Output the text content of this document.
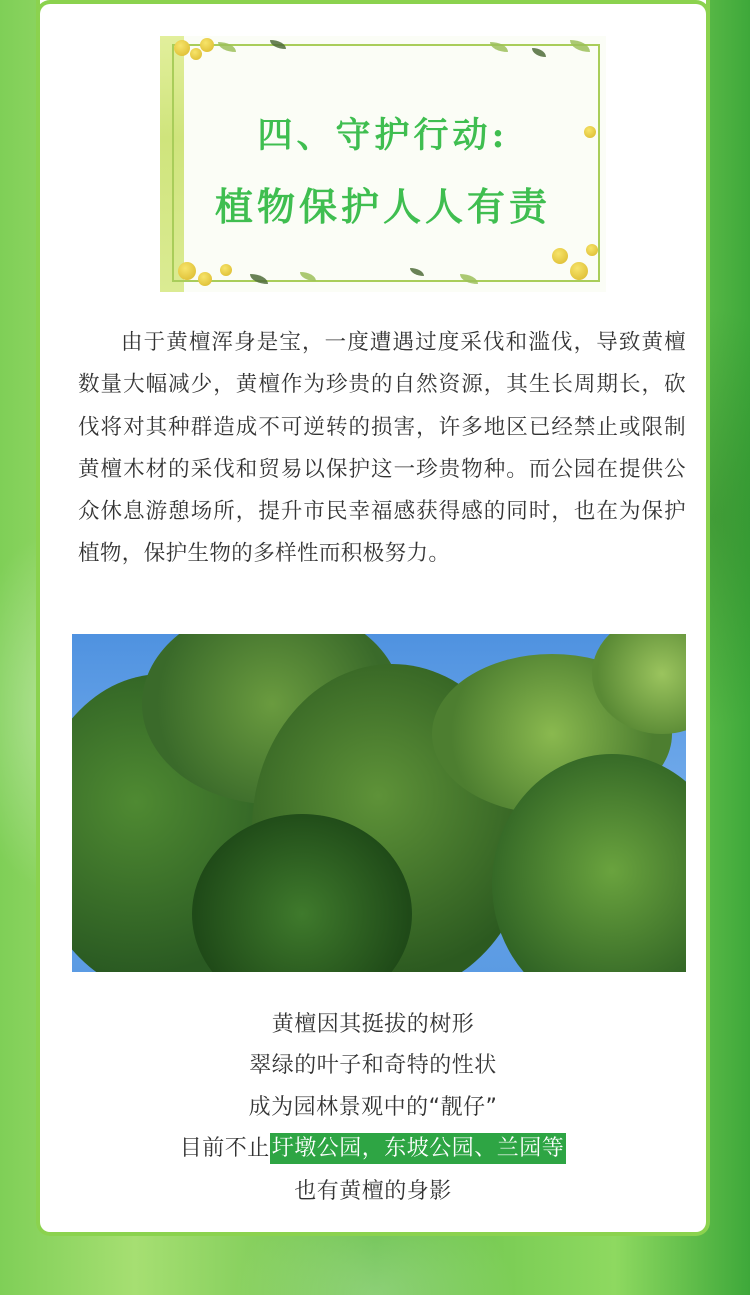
四、守护行动:
植物保护人人有责

由于黄檀浑身是宝，一度遭遇过度采伐和滥伐，导致黄檀数量大幅减少，黄檀作为珍贵的自然资源，其生长周期长，砍伐将对其种群造成不可逆转的损害，许多地区已经禁止或限制黄檀木材的采伐和贸易以保护这一珍贵物种。而公园在提供公众休息游憩场所，提升市民幸福感获得感的同时，也在为保护植物，保护生物的多样性而积极努力。

黄檀因其挺拔的树形
翠绿的叶子和奇特的性状
成为园林景观中的“靓仔”
目前不止圩墩公园，东坡公园、兰园等
也有黄檀的身影
